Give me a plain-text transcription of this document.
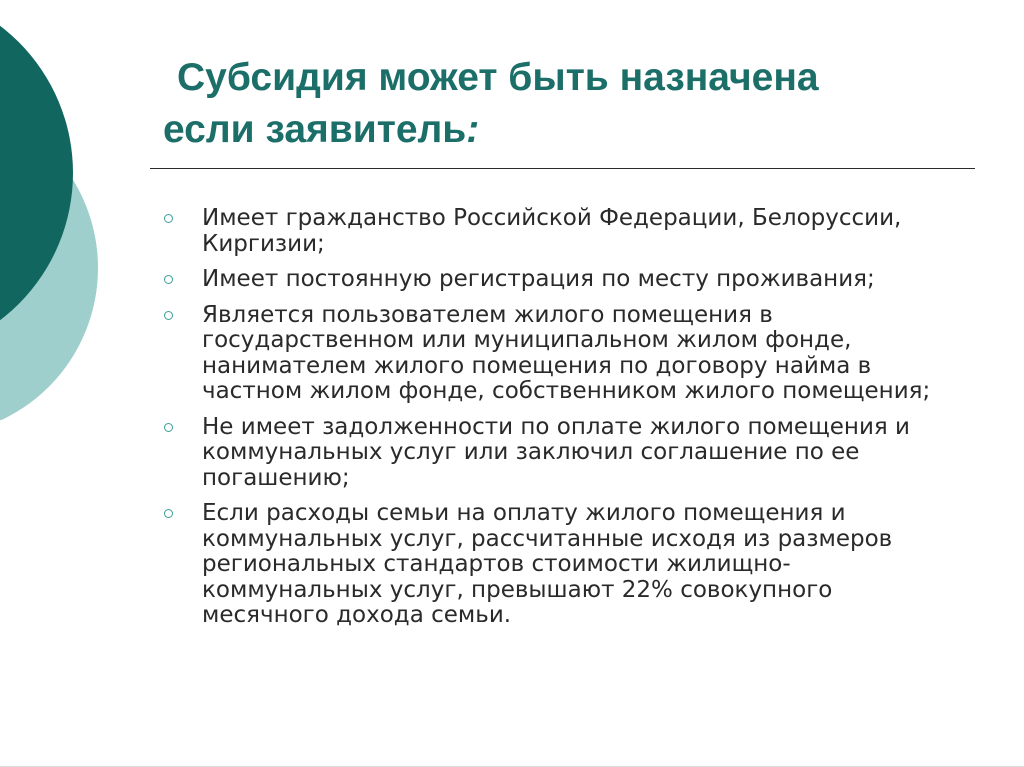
Субсидия может быть назначена
если заявитель:
Имеет гражданство Российской Федерации, Белоруссии, Киргизии;
Имеет постоянную регистрация по месту проживания;
Является пользователем жилого помещения в государственном или муниципальном жилом фонде, нанимателем жилого помещения по договору найма в частном жилом фонде, собственником жилого помещения;
Не имеет задолженности по оплате жилого помещения и коммунальных услуг или заключил соглашение по ее погашению;
Если расходы семьи на оплату жилого помещения и коммунальных услуг, рассчитанные исходя из размеров региональных стандартов стоимости жилищно-коммунальных услуг, превышают 22% совокупного месячного дохода семьи.
